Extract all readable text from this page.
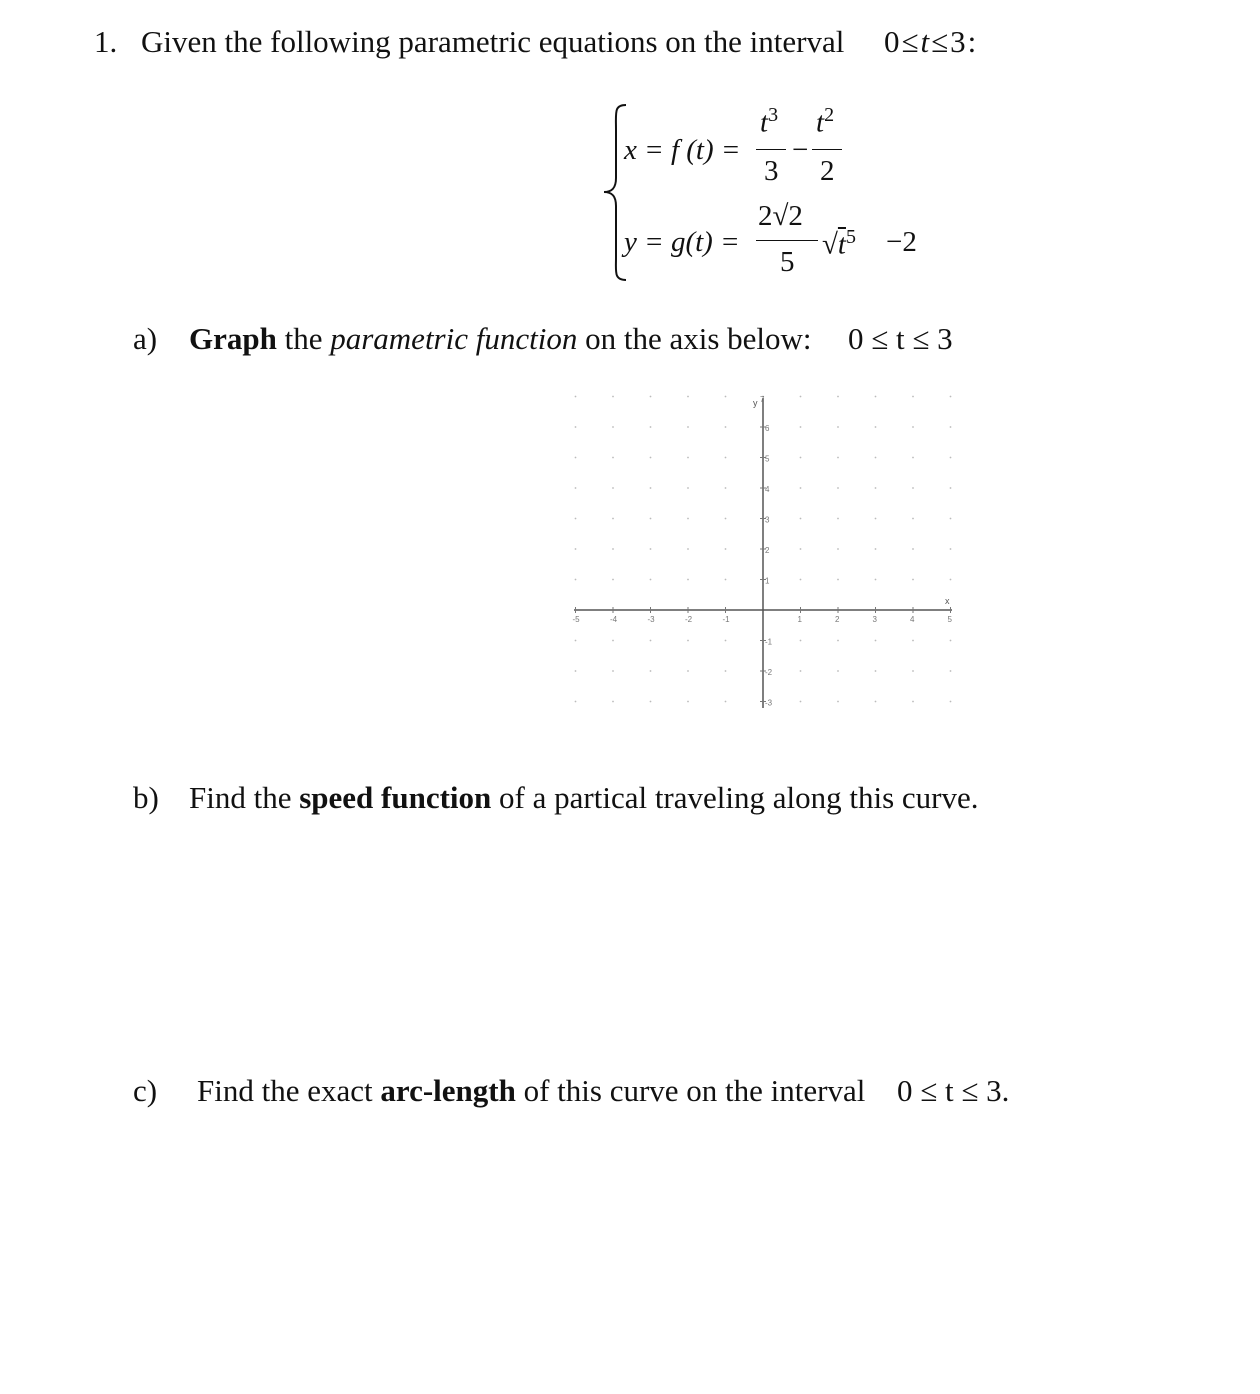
1. Given the following parametric equations on the interval 0≤t≤3:
x = f (t) =
$t^3$
3
−
$t^2$
2
y = g(t) =
2√2
5
$√t^5 -2$
a) Graph the parametric function on the axis below: 0 ≤ t ≤ 3
-5	-4	-3	-2	-1	1	2	3	4	5
-3
-2
-1
1
2
3
4
5
6
x
y 7
b) Find the speed function of a partical traveling along this curve.
c) Find the exact arc-length of this curve on the interval 0 ≤ t ≤ 3.
